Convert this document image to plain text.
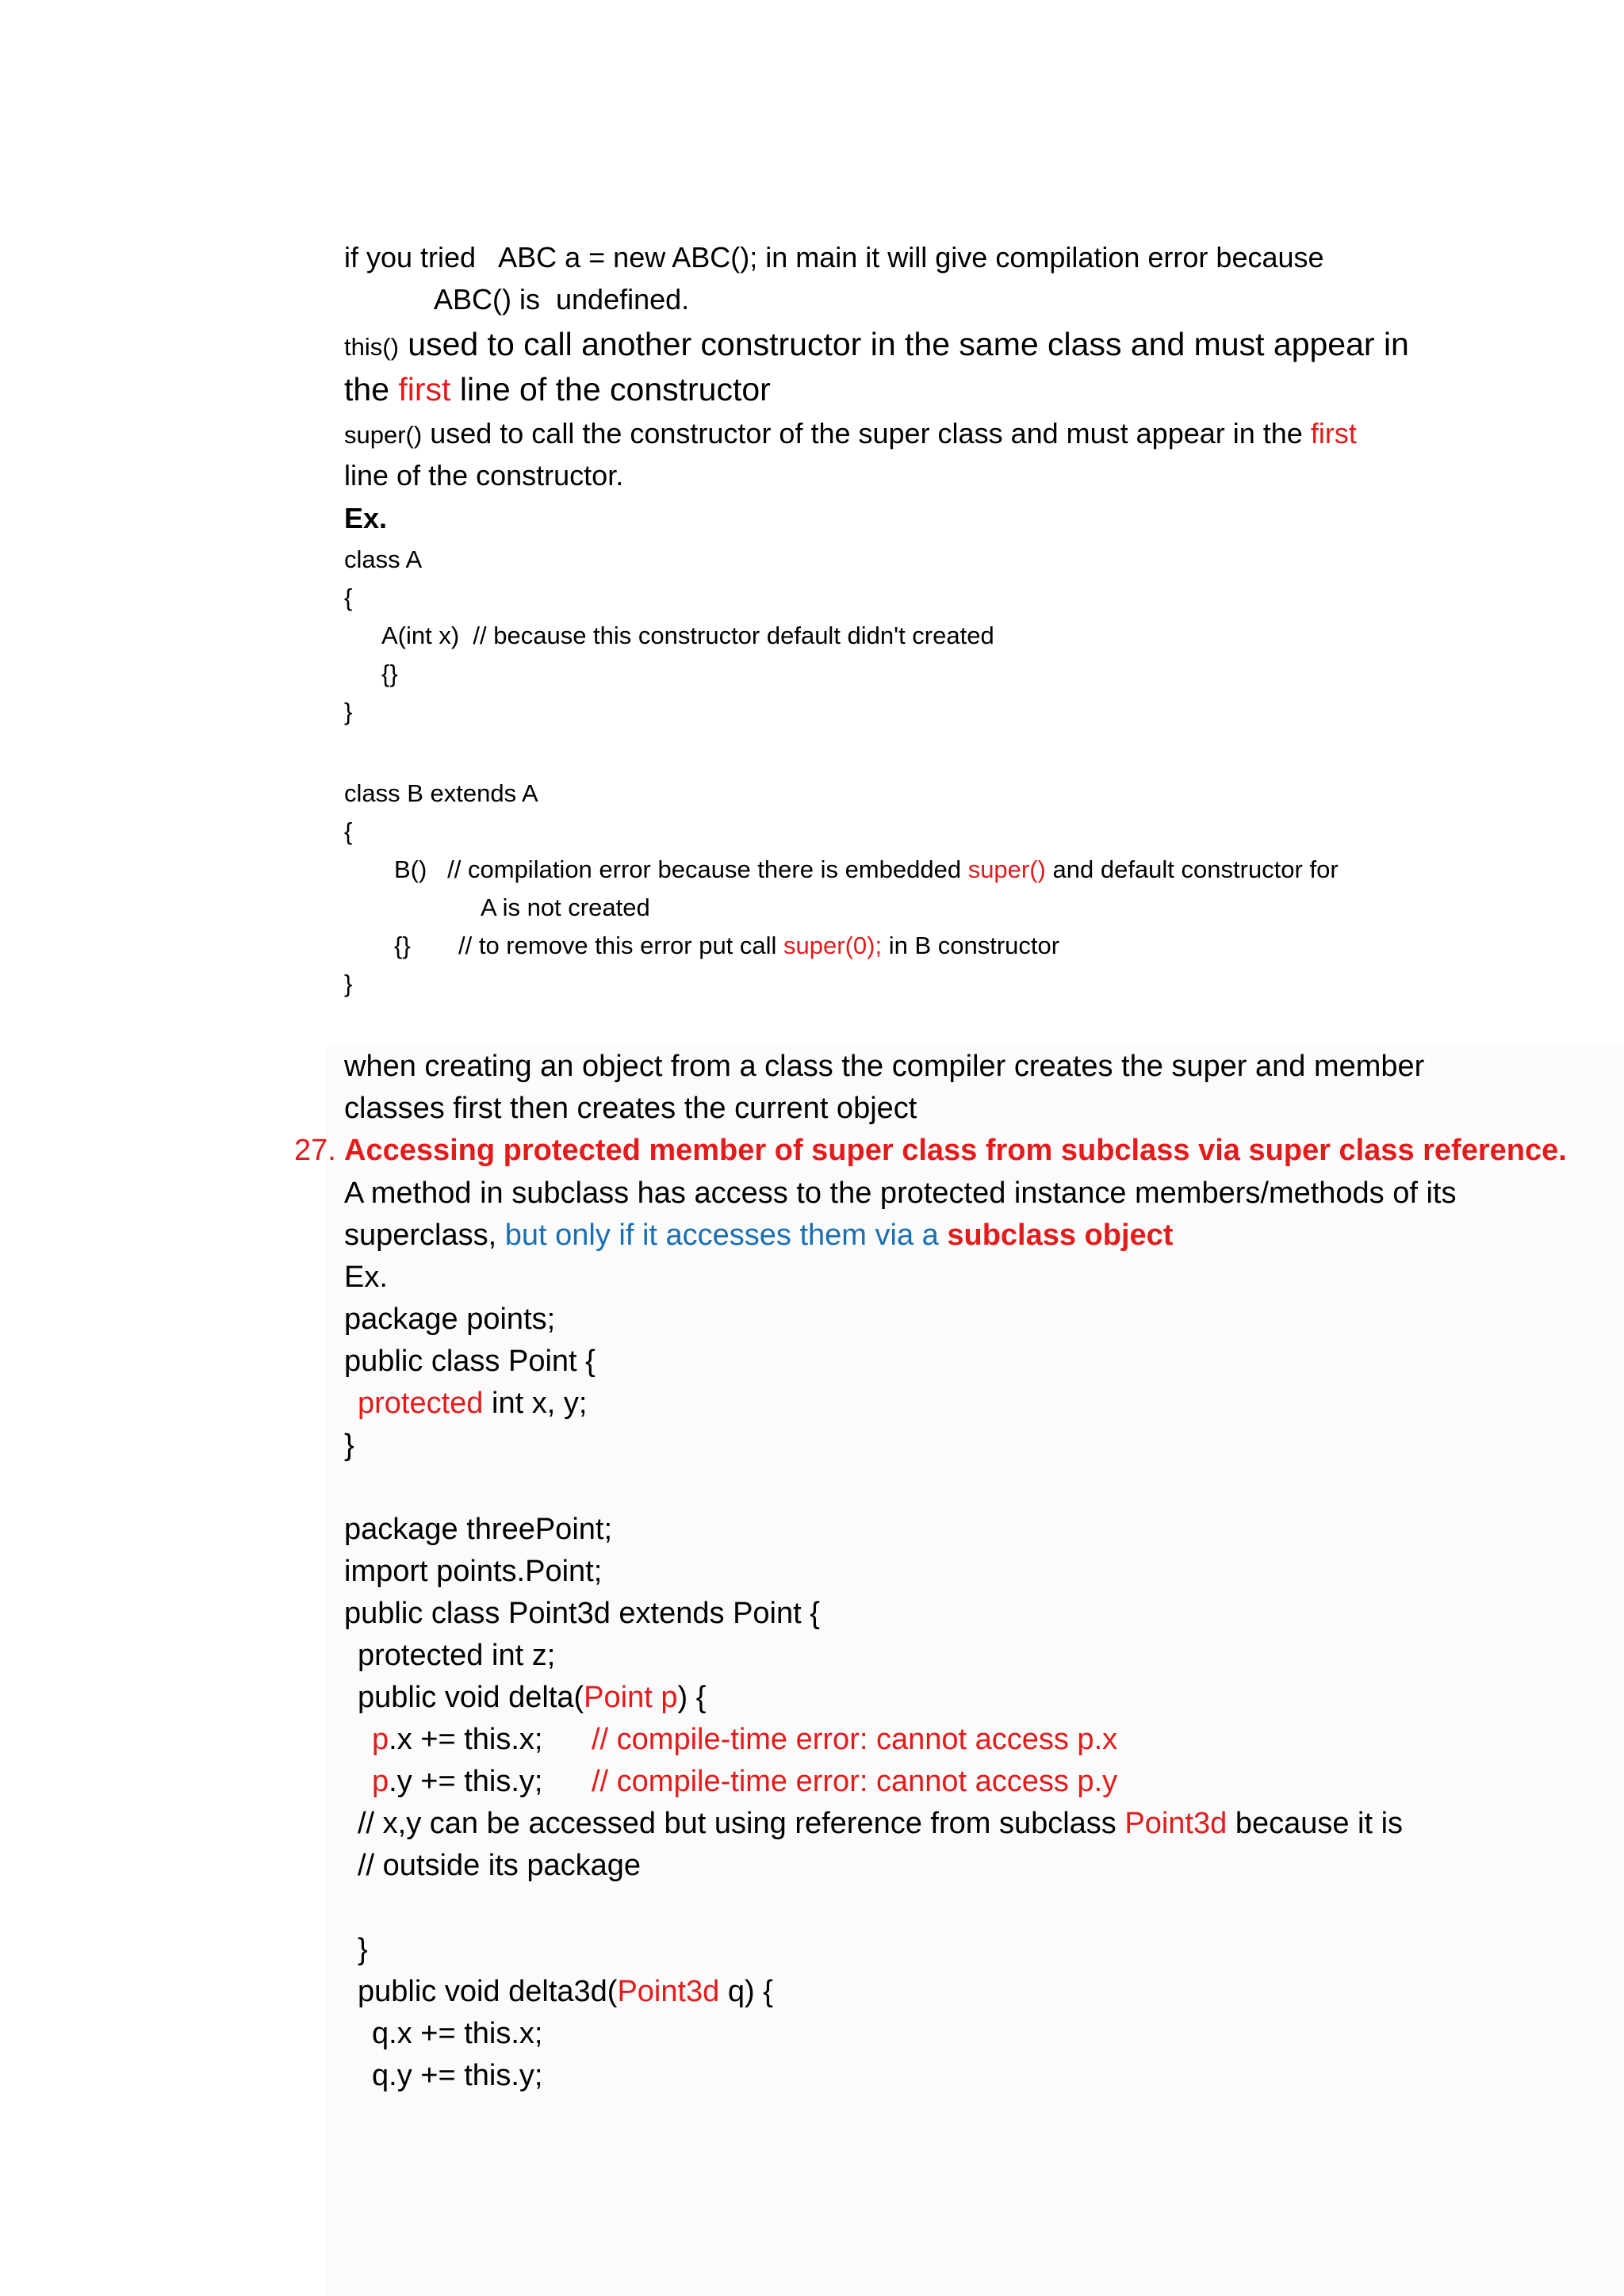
if you tried   ABC a = new ABC(); in main it will give compilation error because
ABC() is  undefined.
this() used to call another constructor in the same class and must appear in
the first line of the constructor
super() used to call the constructor of the super class and must appear in the first
line of the constructor.
Ex.
class A
{
A(int x)  // because this constructor default didn't created
{}
}
class B extends A
{
B()   // compilation error because there is embedded super() and default constructor for
A is not created
{}       // to remove this error put call super(0); in B constructor
}
when creating an object from a class the compiler creates the super and member
classes first then creates the current object
27. Accessing protected member of super class from subclass via super class reference.
A method in subclass has access to the protected instance members/methods of its
superclass, but only if it accesses them via a subclass object
Ex.
package points;
public class Point {
protected int x, y;
}
package threePoint;
import points.Point;
public class Point3d extends Point {
protected int z;
public void delta(Point p) {
p.x += this.x; // compile-time error: cannot access p.x
p.y += this.y; // compile-time error: cannot access p.y
// x,y can be accessed but using reference from subclass Point3d because it is
// outside its package
}
public void delta3d(Point3d q) {
q.x += this.x;
q.y += this.y;
